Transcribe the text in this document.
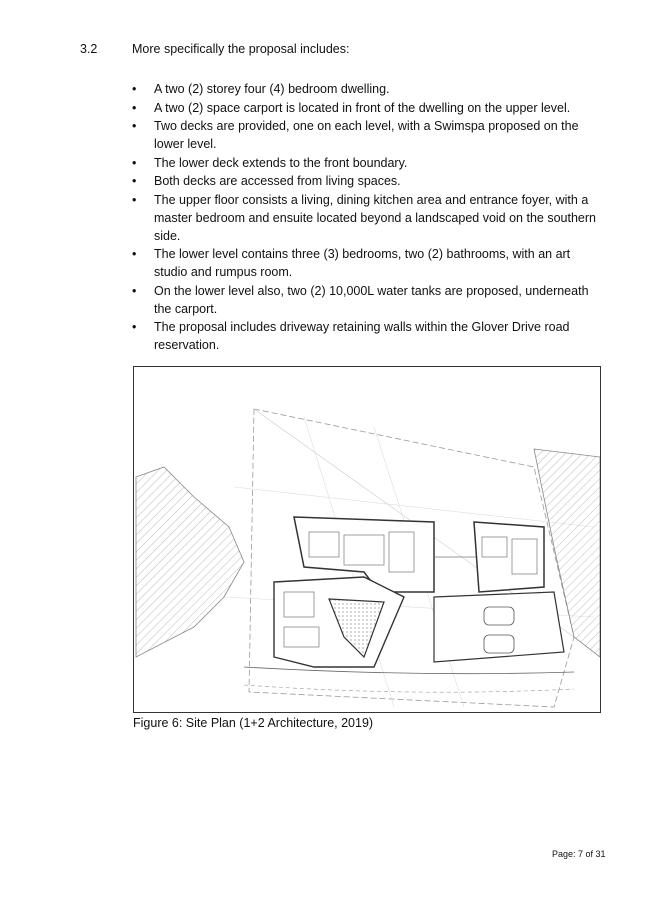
3.2	More specifically the proposal includes:
• A two (2) storey four (4) bedroom dwelling.
• A two (2) space carport is located in front of the dwelling on the upper level.
• Two decks are provided, one on each level, with a Swimspa proposed on the lower level.
• The lower deck extends to the front boundary.
• Both decks are accessed from living spaces.
• The upper floor consists a living, dining kitchen area and entrance foyer, with a master bedroom and ensuite located beyond a landscaped void on the southern side.
• The lower level contains three (3) bedrooms, two (2) bathrooms, with an art studio and rumpus room.
• On the lower level also, two (2) 10,000L water tanks are proposed, underneath the carport.
• The proposal includes driveway retaining walls within the Glover Drive road reservation.
Figure 6: Site Plan (1+2 Architecture, 2019)
Page: 7 of 31
